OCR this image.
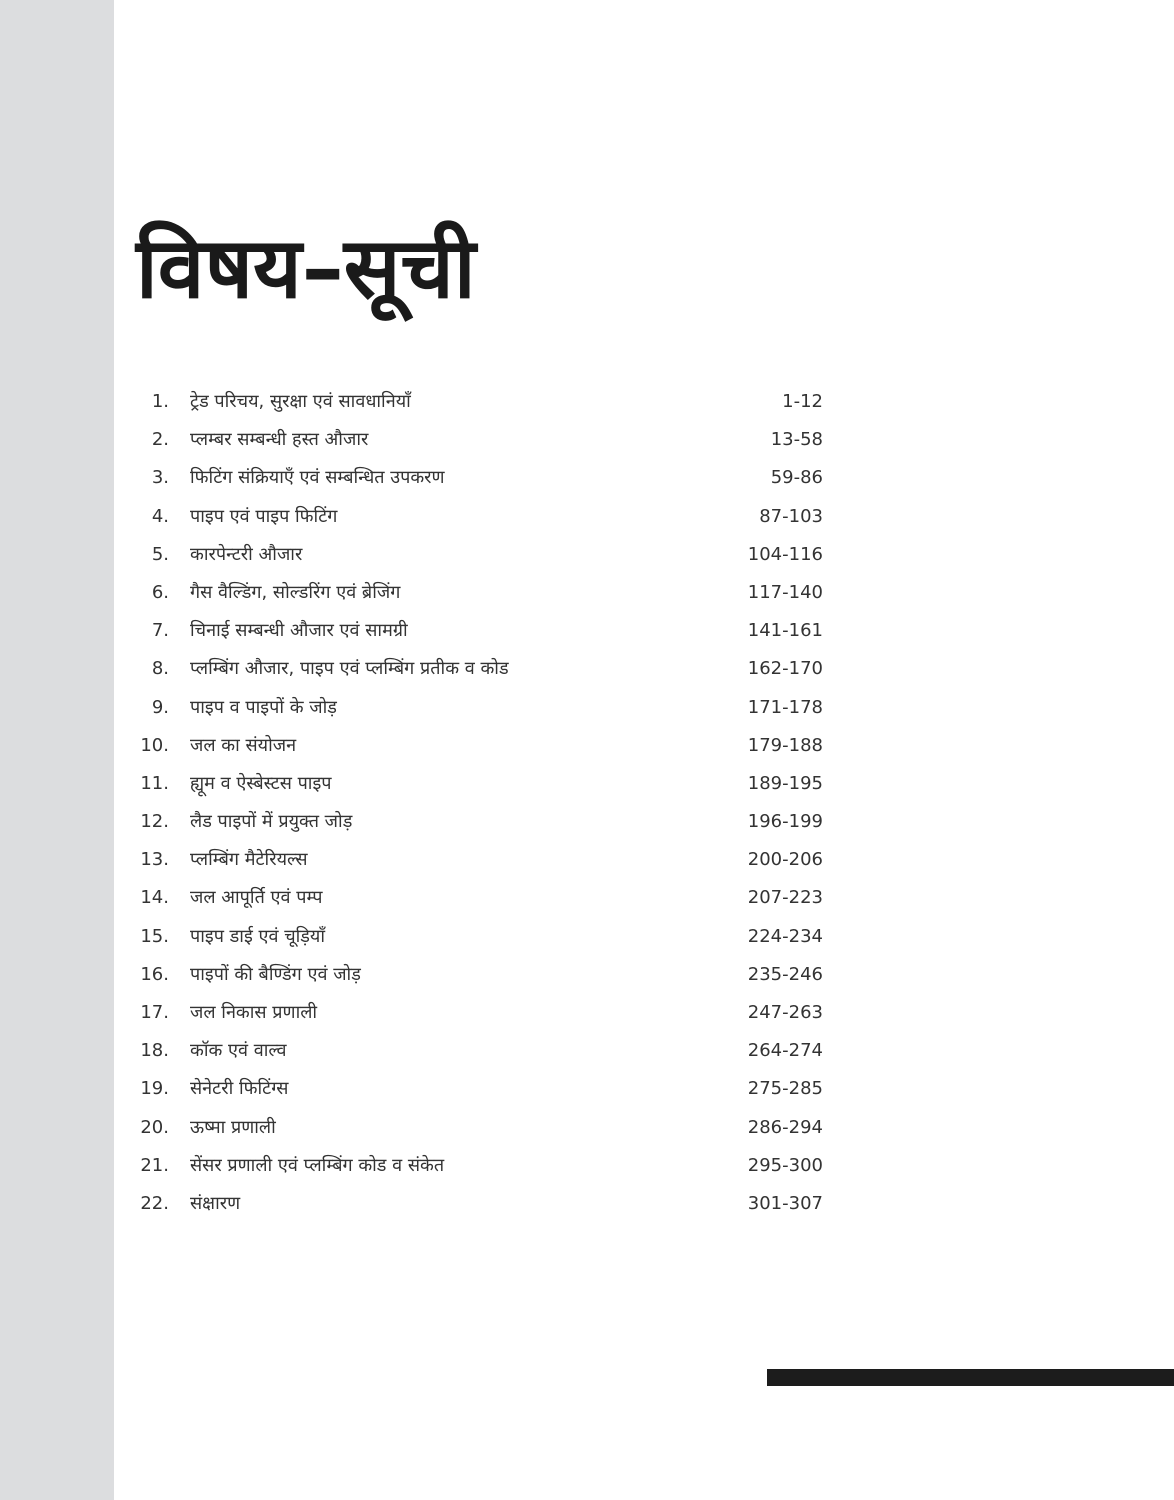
विषय–सूची
1. ट्रेड परिचय, सुरक्षा एवं सावधानियाँ	1-12
2. प्लम्बर सम्बन्धी हस्त औजार	13-58
3. फिटिंग संक्रियाएँ एवं सम्बन्धित उपकरण	59-86
4. पाइप एवं पाइप फिटिंग	87-103
5. कारपेन्टरी औजार	104-116
6. गैस वैल्डिंग, सोल्डरिंग एवं ब्रेजिंग	117-140
7. चिनाई सम्बन्धी औजार एवं सामग्री	141-161
8. प्लम्बिंग औजार, पाइप एवं प्लम्बिंग प्रतीक व कोड	162-170
9. पाइप व पाइपों के जोड़	171-178
10. जल का संयोजन	179-188
11. ह्यूम व ऐस्बेस्टस पाइप	189-195
12. लैड पाइपों में प्रयुक्त जोड़	196-199
13. प्लम्बिंग मैटेरियल्स	200-206
14. जल आपूर्ति एवं पम्प	207-223
15. पाइप डाई एवं चूड़ियाँ	224-234
16. पाइपों की बैण्डिंग एवं जोड़	235-246
17. जल निकास प्रणाली	247-263
18. कॉक एवं वाल्व	264-274
19. सेनेटरी फिटिंग्स	275-285
20. ऊष्मा प्रणाली	286-294
21. सेंसर प्रणाली एवं प्लम्बिंग कोड व संकेत	295-300
22. संक्षारण	301-307
